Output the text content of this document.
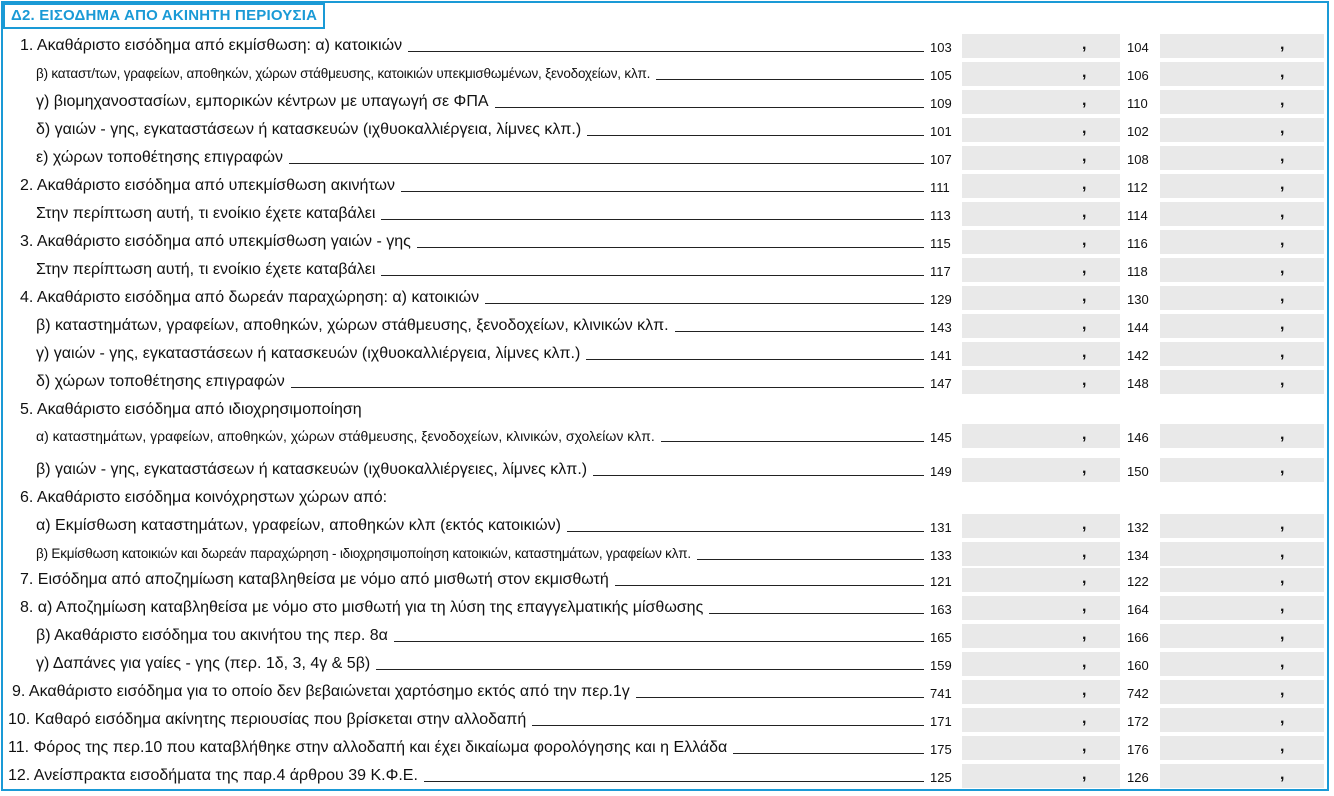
Δ2. ΕΙΣΟΔΗΜΑ ΑΠΟ ΑΚΙΝΗΤΗ ΠΕΡΙΟΥΣΙΑ
1. Ακαθάριστο εισόδημα από εκμίσθωση: α) κατοικιών	103	,	104	,
β) καταστ/των, γραφείων, αποθηκών, χώρων στάθμευσης, κατοικιών υπεκμισθωμένων, ξενοδοχείων, κλπ.	105	,	106	,
γ) βιομηχανοστασίων, εμπορικών κέντρων με υπαγωγή σε ΦΠΑ	109	,	110	,
δ) γαιών - γης, εγκαταστάσεων ή κατασκευών (ιχθυοκαλλιέργεια, λίμνες κλπ.)	101	,	102	,
ε) χώρων τοποθέτησης επιγραφών	107	,	108	,
2. Ακαθάριστο εισόδημα από υπεκμίσθωση ακινήτων	111	,	112	,
Στην περίπτωση αυτή, τι ενοίκιο έχετε καταβάλει	113	,	114	,
3. Ακαθάριστο εισόδημα από υπεκμίσθωση γαιών - γης	115	,	116	,
Στην περίπτωση αυτή, τι ενοίκιο έχετε καταβάλει	117	,	118	,
4. Ακαθάριστο εισόδημα από δωρεάν παραχώρηση: α) κατοικιών	129	,	130	,
β) καταστημάτων, γραφείων, αποθηκών, χώρων στάθμευσης, ξενοδοχείων, κλινικών κλπ.	143	,	144	,
γ) γαιών - γης, εγκαταστάσεων ή κατασκευών (ιχθυοκαλλιέργεια, λίμνες κλπ.)	141	,	142	,
δ) χώρων τοποθέτησης επιγραφών	147	,	148	,
5. Ακαθάριστο εισόδημα από ιδιοχρησιμοποίηση
α) καταστημάτων, γραφείων, αποθηκών, χώρων στάθμευσης, ξενοδοχείων, κλινικών, σχολείων κλπ.	145	,	146	,
β) γαιών - γης, εγκαταστάσεων ή κατασκευών (ιχθυοκαλλιέργειες, λίμνες κλπ.)	149	,	150	,
6. Ακαθάριστο εισόδημα κοινόχρηστων χώρων από:
α) Εκμίσθωση καταστημάτων, γραφείων, αποθηκών κλπ (εκτός κατοικιών)	131	,	132	,
β) Εκμίσθωση κατοικιών και δωρεάν παραχώρηση - ιδιοχρησιμοποίηση κατοικιών, καταστημάτων, γραφείων κλπ.	133	,	134	,
7. Εισόδημα από αποζημίωση καταβληθείσα με νόμο από μισθωτή στον εκμισθωτή	121	,	122	,
8. α) Αποζημίωση καταβληθείσα με νόμο στο μισθωτή για τη λύση της επαγγελματικής μίσθωσης	163	,	164	,
β) Ακαθάριστο εισόδημα του ακινήτου της περ. 8α	165	,	166	,
γ) Δαπάνες για γαίες - γης (περ. 1δ, 3, 4γ & 5β)	159	,	160	,
9. Ακαθάριστο εισόδημα για το οποίο δεν βεβαιώνεται χαρτόσημο εκτός από την περ.1γ	741	,	742	,
10. Καθαρό εισόδημα ακίνητης περιουσίας που βρίσκεται στην αλλοδαπή	171	,	172	,
11. Φόρος της περ.10 που καταβλήθηκε στην αλλοδαπή και έχει δικαίωμα φορολόγησης και η Ελλάδα	175	,	176	,
12. Ανείσπρακτα εισοδήματα της παρ.4 άρθρου 39 Κ.Φ.Ε.	125	,	126	,
